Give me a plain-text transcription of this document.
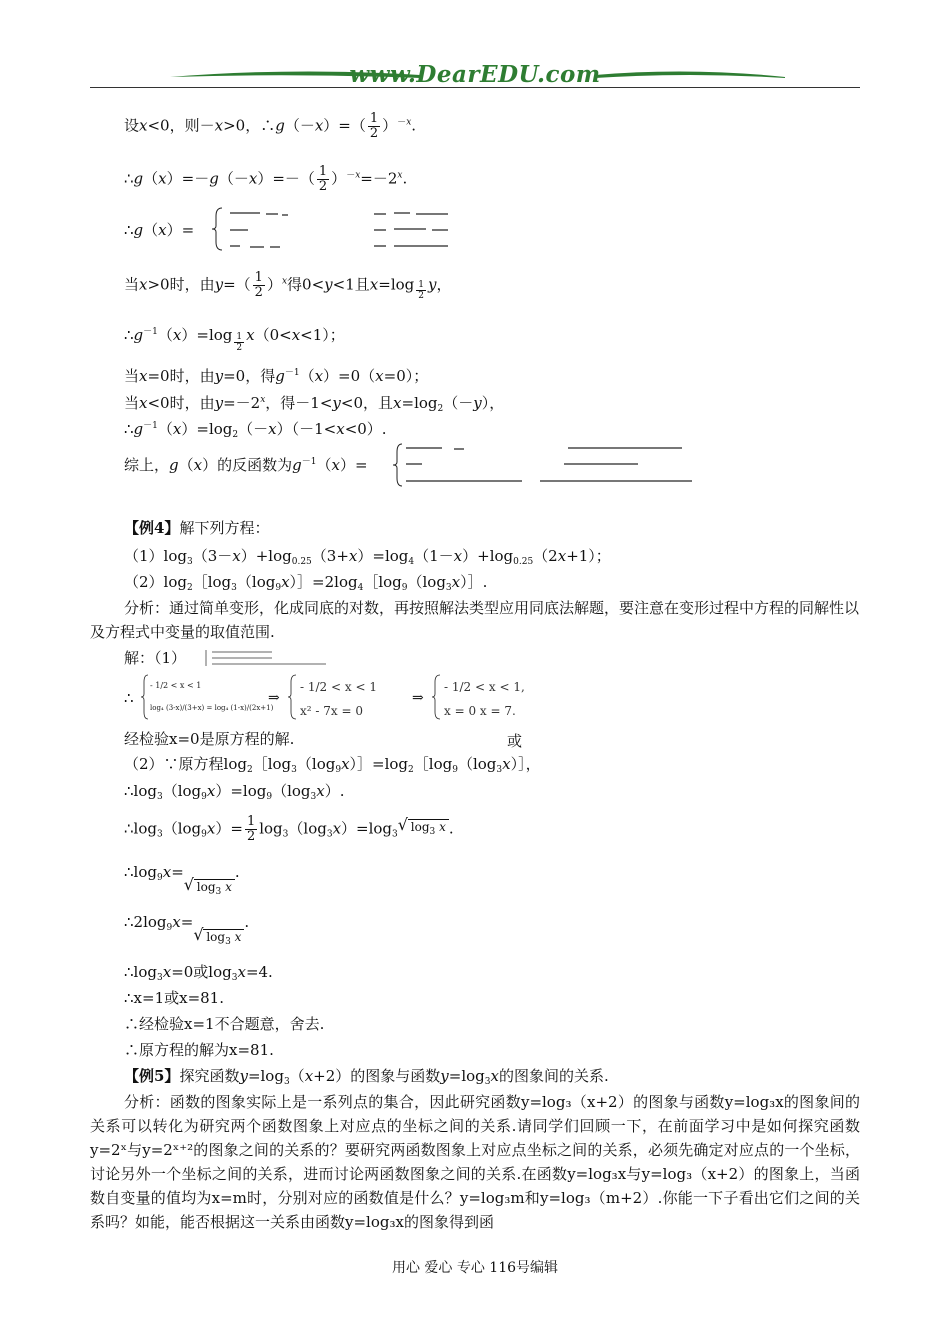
www.DearEDU.com
设x<0，则－x>0，∴g（－x）=（ $\frac{1}{2} )^{-x}$.
∴g（x）=－g（－x）=－（ $\frac{1}{2} )^{-x}=-2^x$.
∴g（x）=
当x>0时，由$y=( \frac{1}{2} )^x$得0<y<1且$x=\log \frac{1}{2}$ y，
$\therefore g^{-1}(x)=\log \frac{1}{2} x(0<x<1)$；
当x=0时，由y=0，得$g^{-1}(x)=0(x=0)$；
当x<0时，由$y=-2^x$，得－1<y<0，且$x=\log_2(-y)$，
$\therefore g^{-1}(x)=\log_2(-x)(-1<x<0)$.
综上，g（x）的反函数为$g^{-1}(x)=$
【例4】解下列方程：
$(1)\log_3(3-x)+\log_{0.25}(3+x)=\log_4(1-x)+\log_{0.25}(2x+1)$；
$(2)\log_2[\log_3(\log_9x)]=2\log_4[\log_9(\log_3x)]$.
分析：通过简单变形，化成同底的对数，再按照解法类型应用同底法解题，要注意在变形过程中方程的同解性以及方程式中变量的取值范围.
解：（1）
∴
- 1/2 < x < 1
log₄ (3-x)/(3+x) = log₄ (1-x)/(2x+1)
⇒
- 1/2 < x < 1
x² - 7x = 0
⇒
- 1/2 < x < 1,
x = 0 x = 7.
经检验x=0是原方程的解.	或
（2）∵原方程$\log_2[\log_3(\log_9x)]=\log_2[\log_9(\log_3x)]$，
$\therefore\log_3(\log_9x)=\log_9(\log_3x)$.
$\therefore\log_3(\log_9x)= \frac{1}{2} \log_3(\log_3x)=\log_3$
√ $\log_3 x$ .
$\therefore\log_9x=$
√ $\log_3 x$.
$\therefore 2\log_9x=$
√ $\log_3 x$.
$\therefore\log_3x=0$或$\log_3x=4$.
∴x=1或x=81.
∴经检验x=1不合题意，舍去.
∴原方程的解为x=81.
【例5】探究函数$y=\log_3(x+2)$的图象与函数$y=\log_3x$的图象间的关系.
分析：函数的图象实际上是一系列点的集合，因此研究函数y=log₃（x+2）的图象与函数y=log₃x的图象间的关系可以转化为研究两个函数图象上对应点的坐标之间的关系.请同学们回顾一下，在前面学习中是如何探究函数y=2ˣ与y=2ˣ⁺²的图象之间的关系的？要研究两函数图象上对应点坐标之间的关系，必须先确定对应点的一个坐标，讨论另外一个坐标之间的关系，进而讨论两函数图象之间的关系.在函数y=log₃x与y=log₃（x+2）的图象上，当函数自变量的值均为x=m时，分别对应的函数值是什么？y=log₃m和y=log₃（m+2）.你能一下子看出它们之间的关系吗？如能，能否根据这一关系由函数y=log₃x的图象得到函
用心 爱心 专心 116号编辑
